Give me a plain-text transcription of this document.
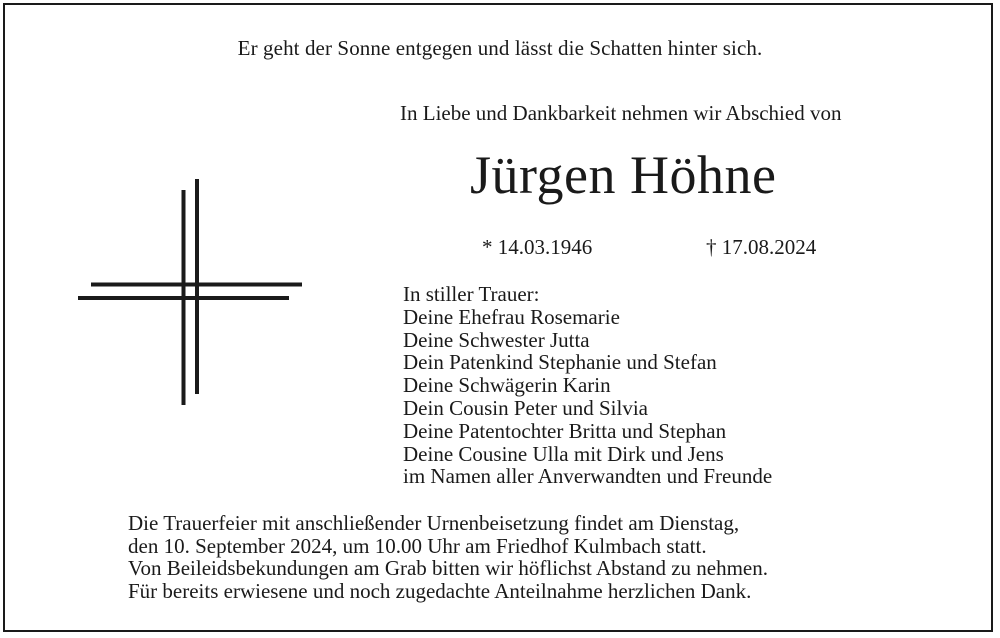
Er geht der Sonne entgegen und lässt die Schatten hinter sich.
In Liebe und Dankbarkeit nehmen wir Abschied von
Jürgen Höhne
* 14.03.1946	† 17.08.2024
In stiller Trauer:
Deine Ehefrau Rosemarie
Deine Schwester Jutta
Dein Patenkind Stephanie und Stefan
Deine Schwägerin Karin
Dein Cousin Peter und Silvia
Deine Patentochter Britta und Stephan
Deine Cousine Ulla mit Dirk und Jens
im Namen aller Anverwandten und Freunde
Die Trauerfeier mit anschließender Urnenbeisetzung findet am Dienstag,
den 10. September 2024, um 10.00 Uhr am Friedhof Kulmbach statt.
Von Beileidsbekundungen am Grab bitten wir höflichst Abstand zu nehmen.
Für bereits erwiesene und noch zugedachte Anteilnahme herzlichen Dank.
